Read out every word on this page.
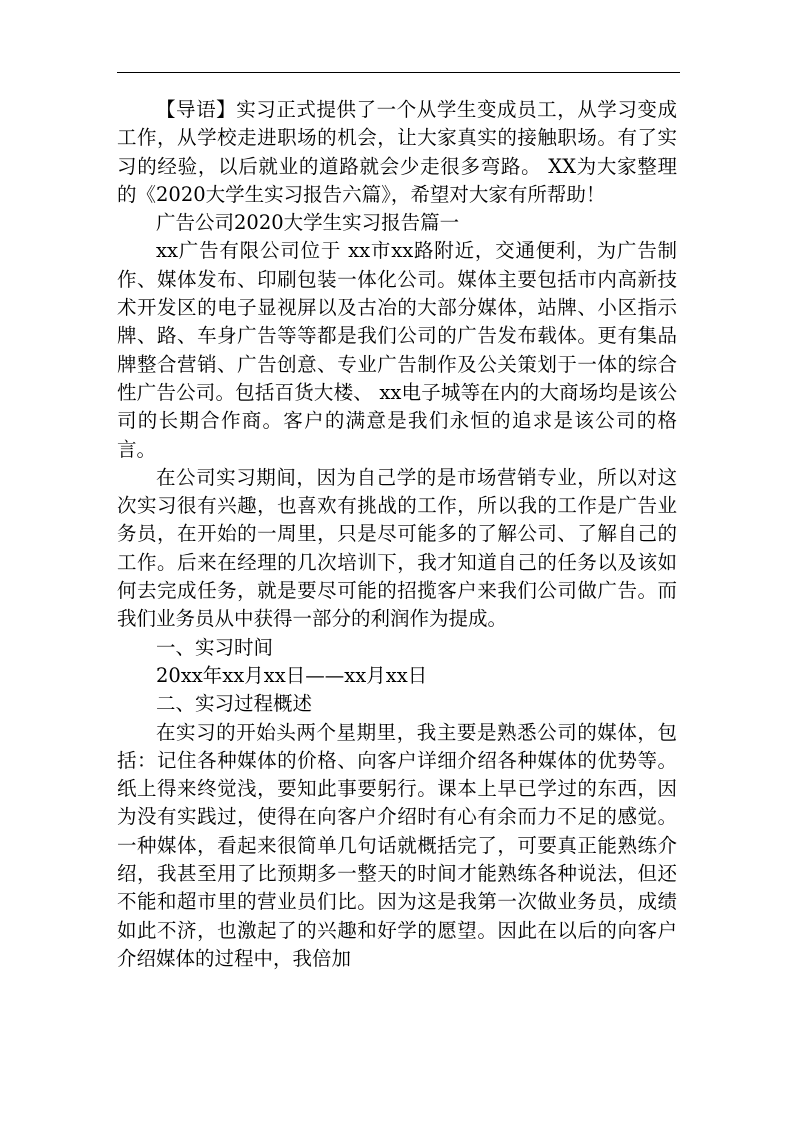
【导语】实习正式提供了一个从学生变成员工，从学习变成工作，从学校走进职场的机会，让大家真实的接触职场。有了实习的经验，以后就业的道路就会少走很多弯路。 XX为大家整理的《2020大学生实习报告六篇》，希望对大家有所帮助！

广告公司2020大学生实习报告篇一

xx广告有限公司位于 xx市xx路附近，交通便利，为广告制作、媒体发布、印刷包装一体化公司。媒体主要包括市内高新技术开发区的电子显视屏以及古冶的大部分媒体，站牌、小区指示牌、路、车身广告等等都是我们公司的广告发布载体。更有集品牌整合营销、广告创意、专业广告制作及公关策划于一体的综合性广告公司。包括百货大楼、 xx电子城等在内的大商场均是该公司的长期合作商。客户的满意是我们永恒的追求是该公司的格言。

在公司实习期间，因为自己学的是市场营销专业，所以对这次实习很有兴趣，也喜欢有挑战的工作，所以我的工作是广告业务员，在开始的一周里，只是尽可能多的了解公司、了解自己的工作。后来在经理的几次培训下，我才知道自己的任务以及该如何去完成任务，就是要尽可能的招揽客户来我们公司做广告。而我们业务员从中获得一部分的利润作为提成。

一、实习时间

20xx年xx月xx日——xx月xx日

二、实习过程概述

在实习的开始头两个星期里，我主要是熟悉公司的媒体，包括：记住各种媒体的价格、向客户详细介绍各种媒体的优势等。纸上得来终觉浅，要知此事要躬行。课本上早已学过的东西，因为没有实践过，使得在向客户介绍时有心有余而力不足的感觉。一种媒体，看起来很简单几句话就概括完了，可要真正能熟练介绍，我甚至用了比预期多一整天的时间才能熟练各种说法，但还不能和超市里的营业员们比。因为这是我第一次做业务员，成绩如此不济，也激起了的兴趣和好学的愿望。因此在以后的向客户介绍媒体的过程中，我倍加
